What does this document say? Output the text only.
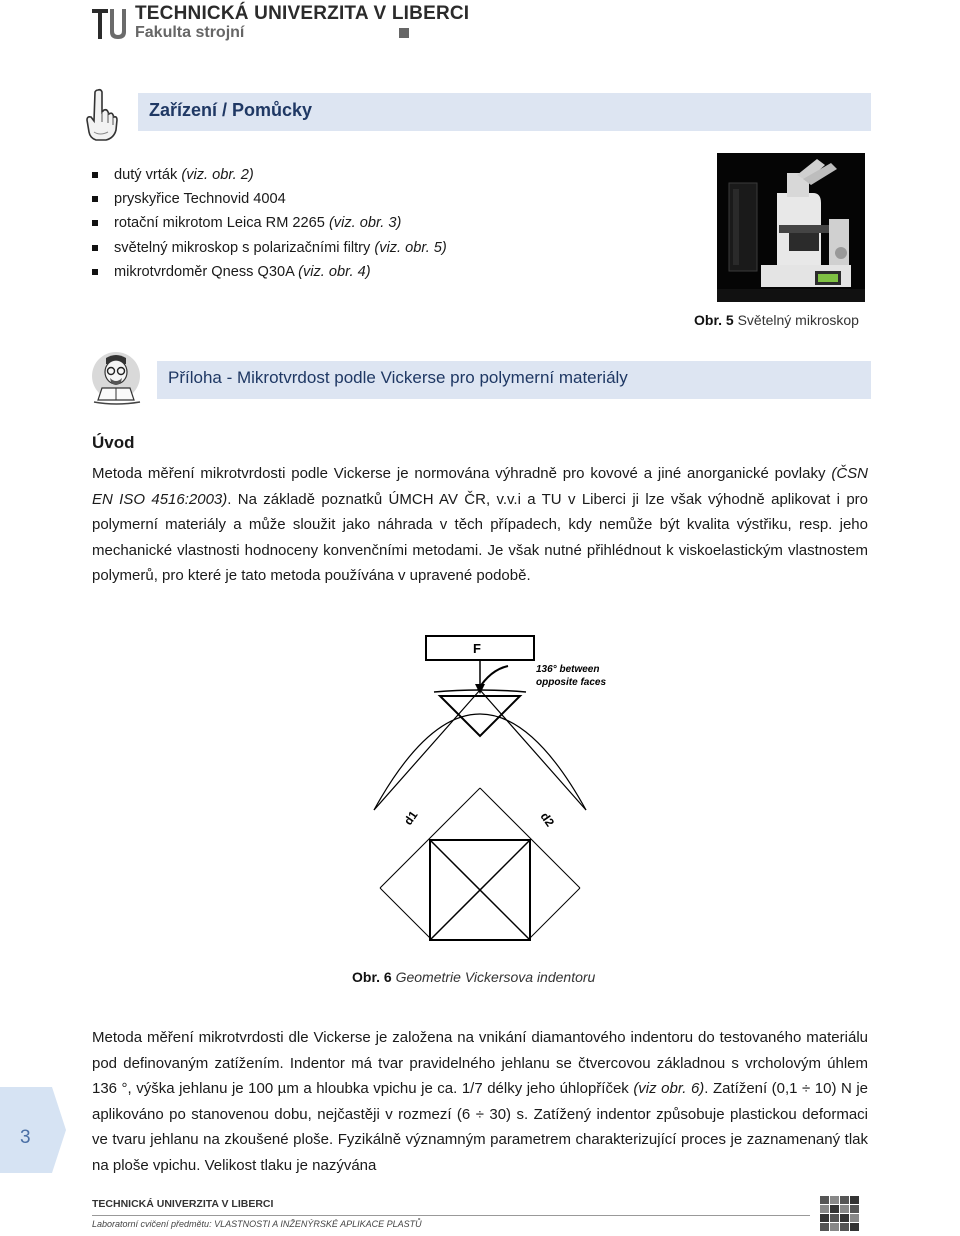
TECHNICKÁ UNIVERZITA V LIBERCI
Fakulta strojní
Zařízení / Pomůcky
dutý vrták (viz. obr. 2)
pryskyřice Technovid 4004
rotační mikrotom Leica RM 2265 (viz. obr. 3)
světelný mikroskop s polarizačními filtry (viz. obr. 5)
mikrotvrdoměr Qness Q30A (viz. obr. 4)
Obr. 5 Světelný mikroskop
Příloha - Mikrotvrdost podle Vickerse pro polymerní materiály
Úvod
Metoda měření mikrotvrdosti podle Vickerse je normována výhradně pro kovové a jiné anorganické povlaky (ČSN EN ISO 4516:2003). Na základě poznatků ÚMCH AV ČR, v.v.i a TU v Liberci ji lze však výhodně aplikovat i pro polymerní materiály a může sloužit jako náhrada v těch případech, kdy nemůže být kvalita výstřiku, resp. jeho mechanické vlastnosti hodnoceny konvenčními metodami. Je však nutné přihlédnout k viskoelastickým vlastnostem polymerů, pro které je tato metoda používána v upravené podobě.
F
136° between
opposite faces
d1	d2
Obr. 6 Geometrie Vickersova indentoru
Metoda měření mikrotvrdosti dle Vickerse je založena na vnikání diamantového indentoru do testovaného materiálu pod definovaným zatížením. Indentor má tvar pravidelného jehlanu se čtvercovou základnou s vrcholovým úhlem 136 °, výška jehlanu je 100 µm a hloubka vpichu je ca. 1/7 délky jeho úhlopříček (viz obr. 6). Zatížení (0,1 ÷ 10) N je aplikováno po stanovenou dobu, nejčastěji v rozmezí (6 ÷ 30) s. Zatížený indentor způsobuje plastickou deformaci ve tvaru jehlanu na zkoušené ploše. Fyzikálně významným parametrem charakterizující proces je zaznamenaný tlak na ploše vpichu. Velikost tlaku je nazývána
3
TECHNICKÁ UNIVERZITA V LIBERCI
Laboratorní cvičení předmětu: VLASTNOSTI A INŽENÝRSKÉ APLIKACE PLASTŮ
